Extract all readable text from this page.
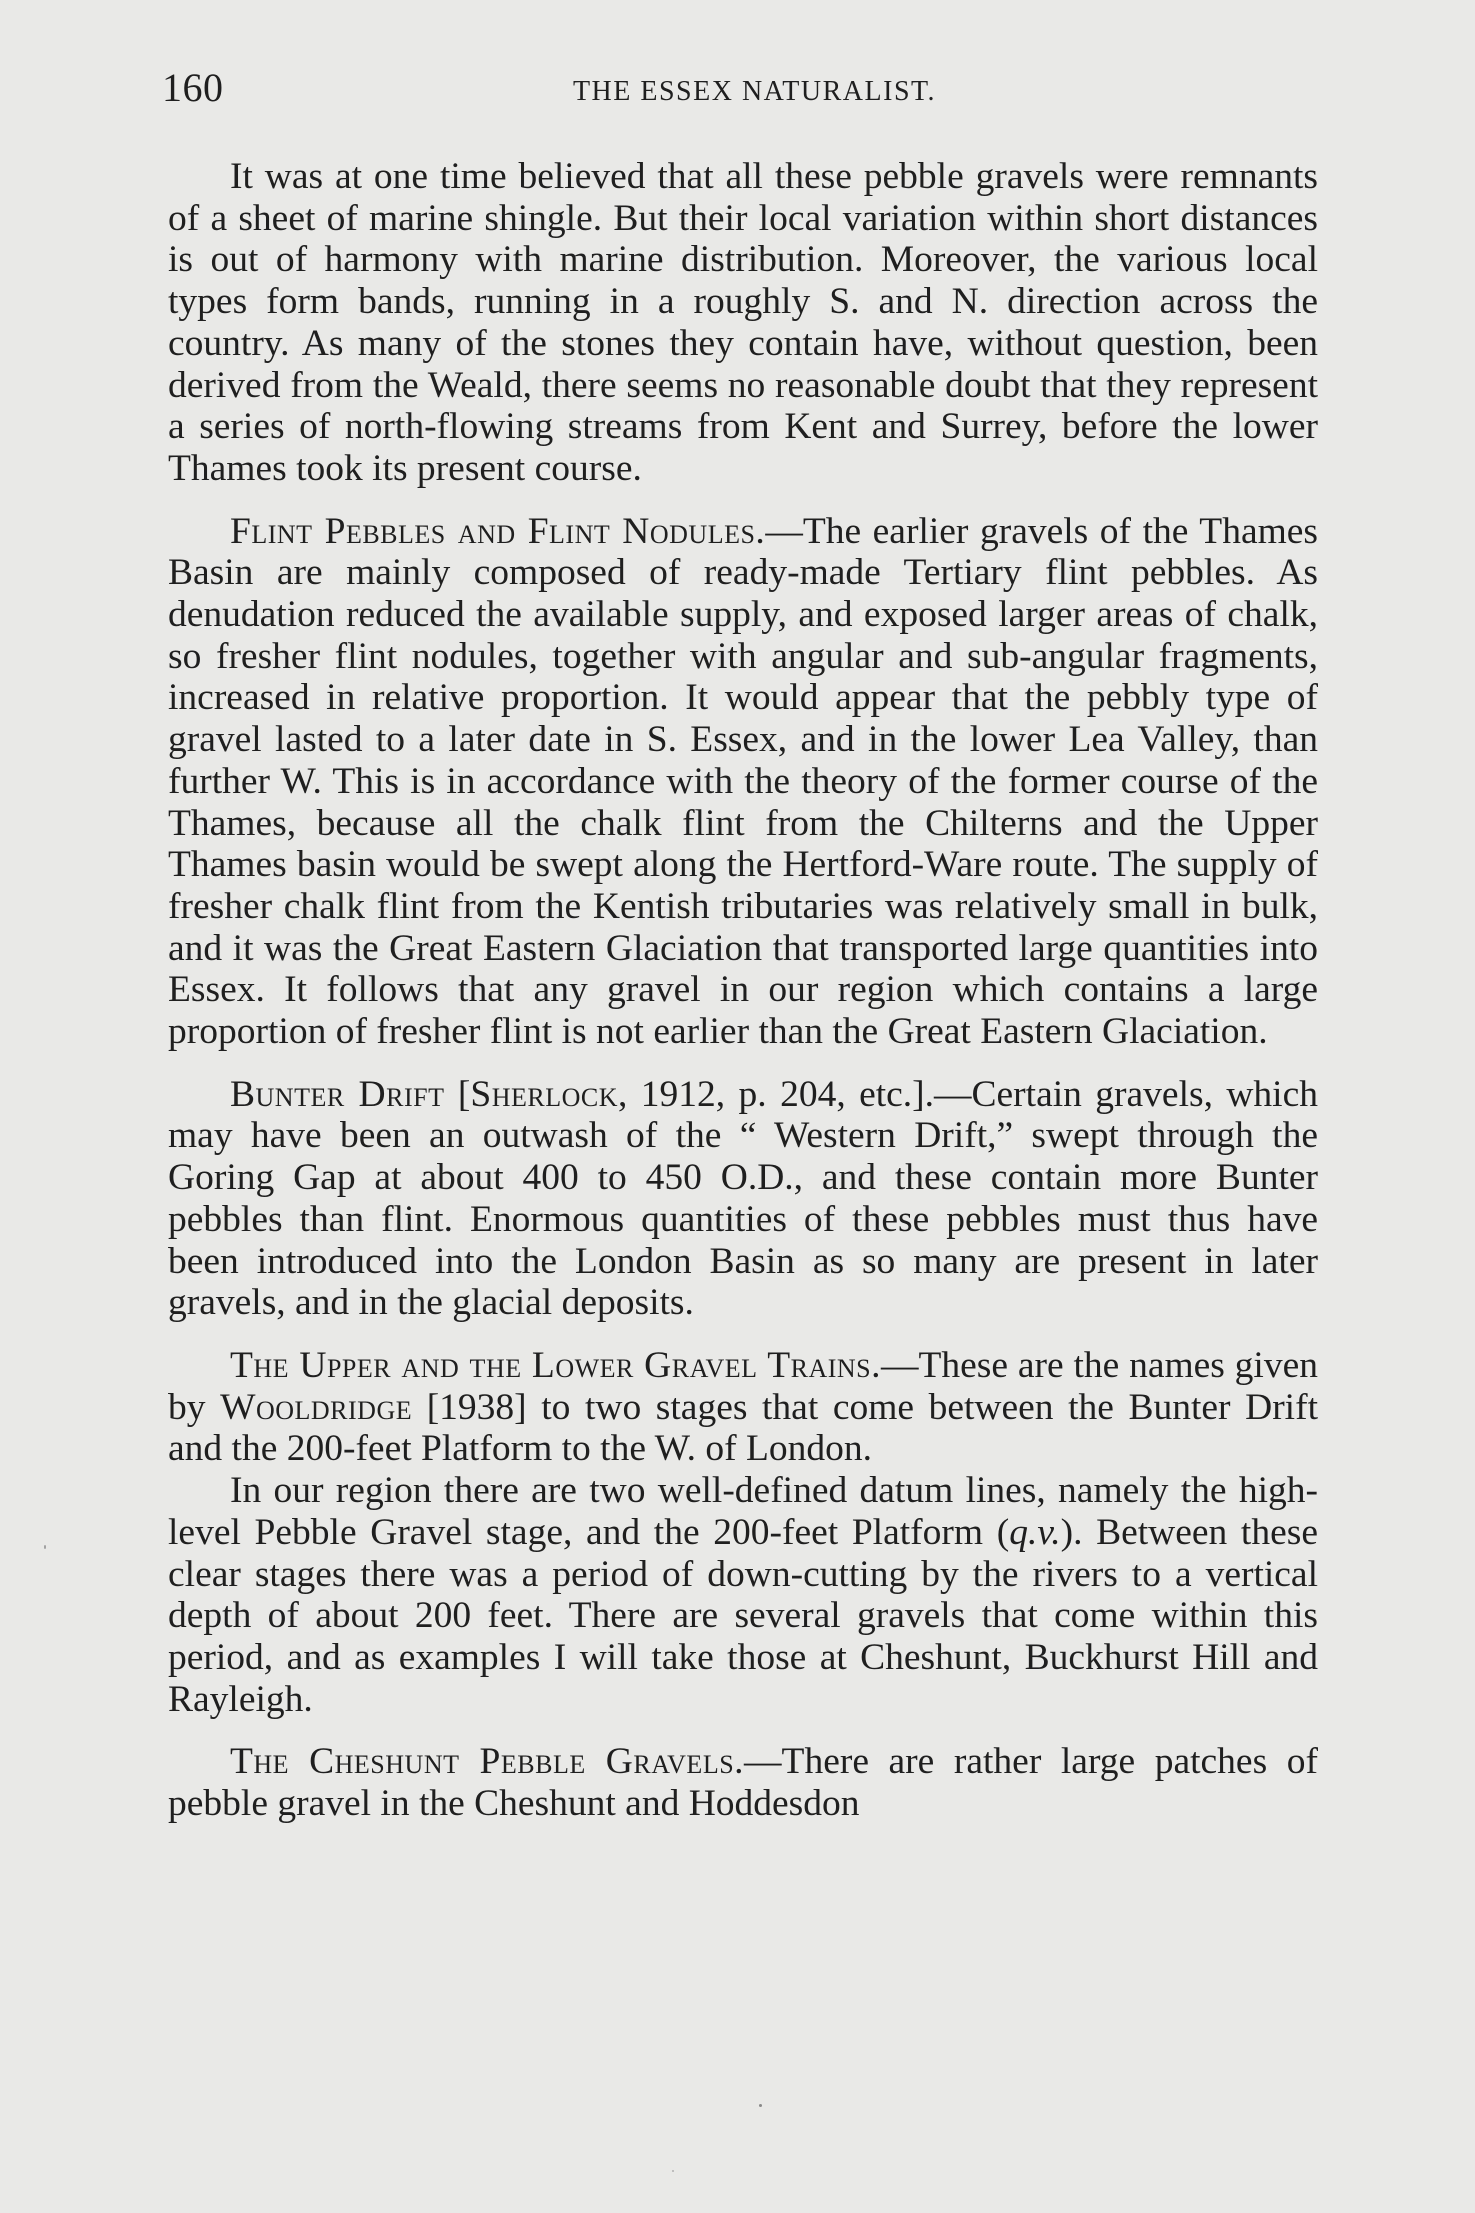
160	THE ESSEX NATURALIST.

It was at one time believed that all these pebble gravels were remnants of a sheet of marine shingle. But their local variation within short distances is out of harmony with marine distribution. Moreover, the various local types form bands, running in a roughly S. and N. direction across the country. As many of the stones they contain have, without question, been derived from the Weald, there seems no reasonable doubt that they represent a series of north-flowing streams from Kent and Surrey, before the lower Thames took its present course.

Flint Pebbles and Flint Nodules.—The earlier gravels of the Thames Basin are mainly composed of ready-made Tertiary flint pebbles. As denudation reduced the available supply, and exposed larger areas of chalk, so fresher flint nodules, together with angular and sub-angular fragments, increased in relative proportion. It would appear that the pebbly type of gravel lasted to a later date in S. Essex, and in the lower Lea Valley, than further W. This is in accordance with the theory of the former course of the Thames, because all the chalk flint from the Chilterns and the Upper Thames basin would be swept along the Hertford-Ware route. The supply of fresher chalk flint from the Kentish tributaries was relatively small in bulk, and it was the Great Eastern Glaciation that transported large quantities into Essex. It follows that any gravel in our region which contains a large proportion of fresher flint is not earlier than the Great Eastern Glaciation.

Bunter Drift [Sherlock, 1912, p. 204, etc.].—Certain gravels, which may have been an outwash of the “ Western Drift,” swept through the Goring Gap at about 400 to 450 O.D., and these contain more Bunter pebbles than flint. Enormous quantities of these pebbles must thus have been introduced into the London Basin as so many are present in later gravels, and in the glacial deposits.

The Upper and the Lower Gravel Trains.—These are the names given by Wooldridge [1938] to two stages that come between the Bunter Drift and the 200-feet Platform to the W. of London.

In our region there are two well-defined datum lines, namely the high-level Pebble Gravel stage, and the 200-feet Platform (q.v.). Between these clear stages there was a period of down-cutting by the rivers to a vertical depth of about 200 feet. There are several gravels that come within this period, and as examples I will take those at Cheshunt, Buckhurst Hill and Rayleigh.

The Cheshunt Pebble Gravels.—There are rather large patches of pebble gravel in the Cheshunt and Hoddesdon
